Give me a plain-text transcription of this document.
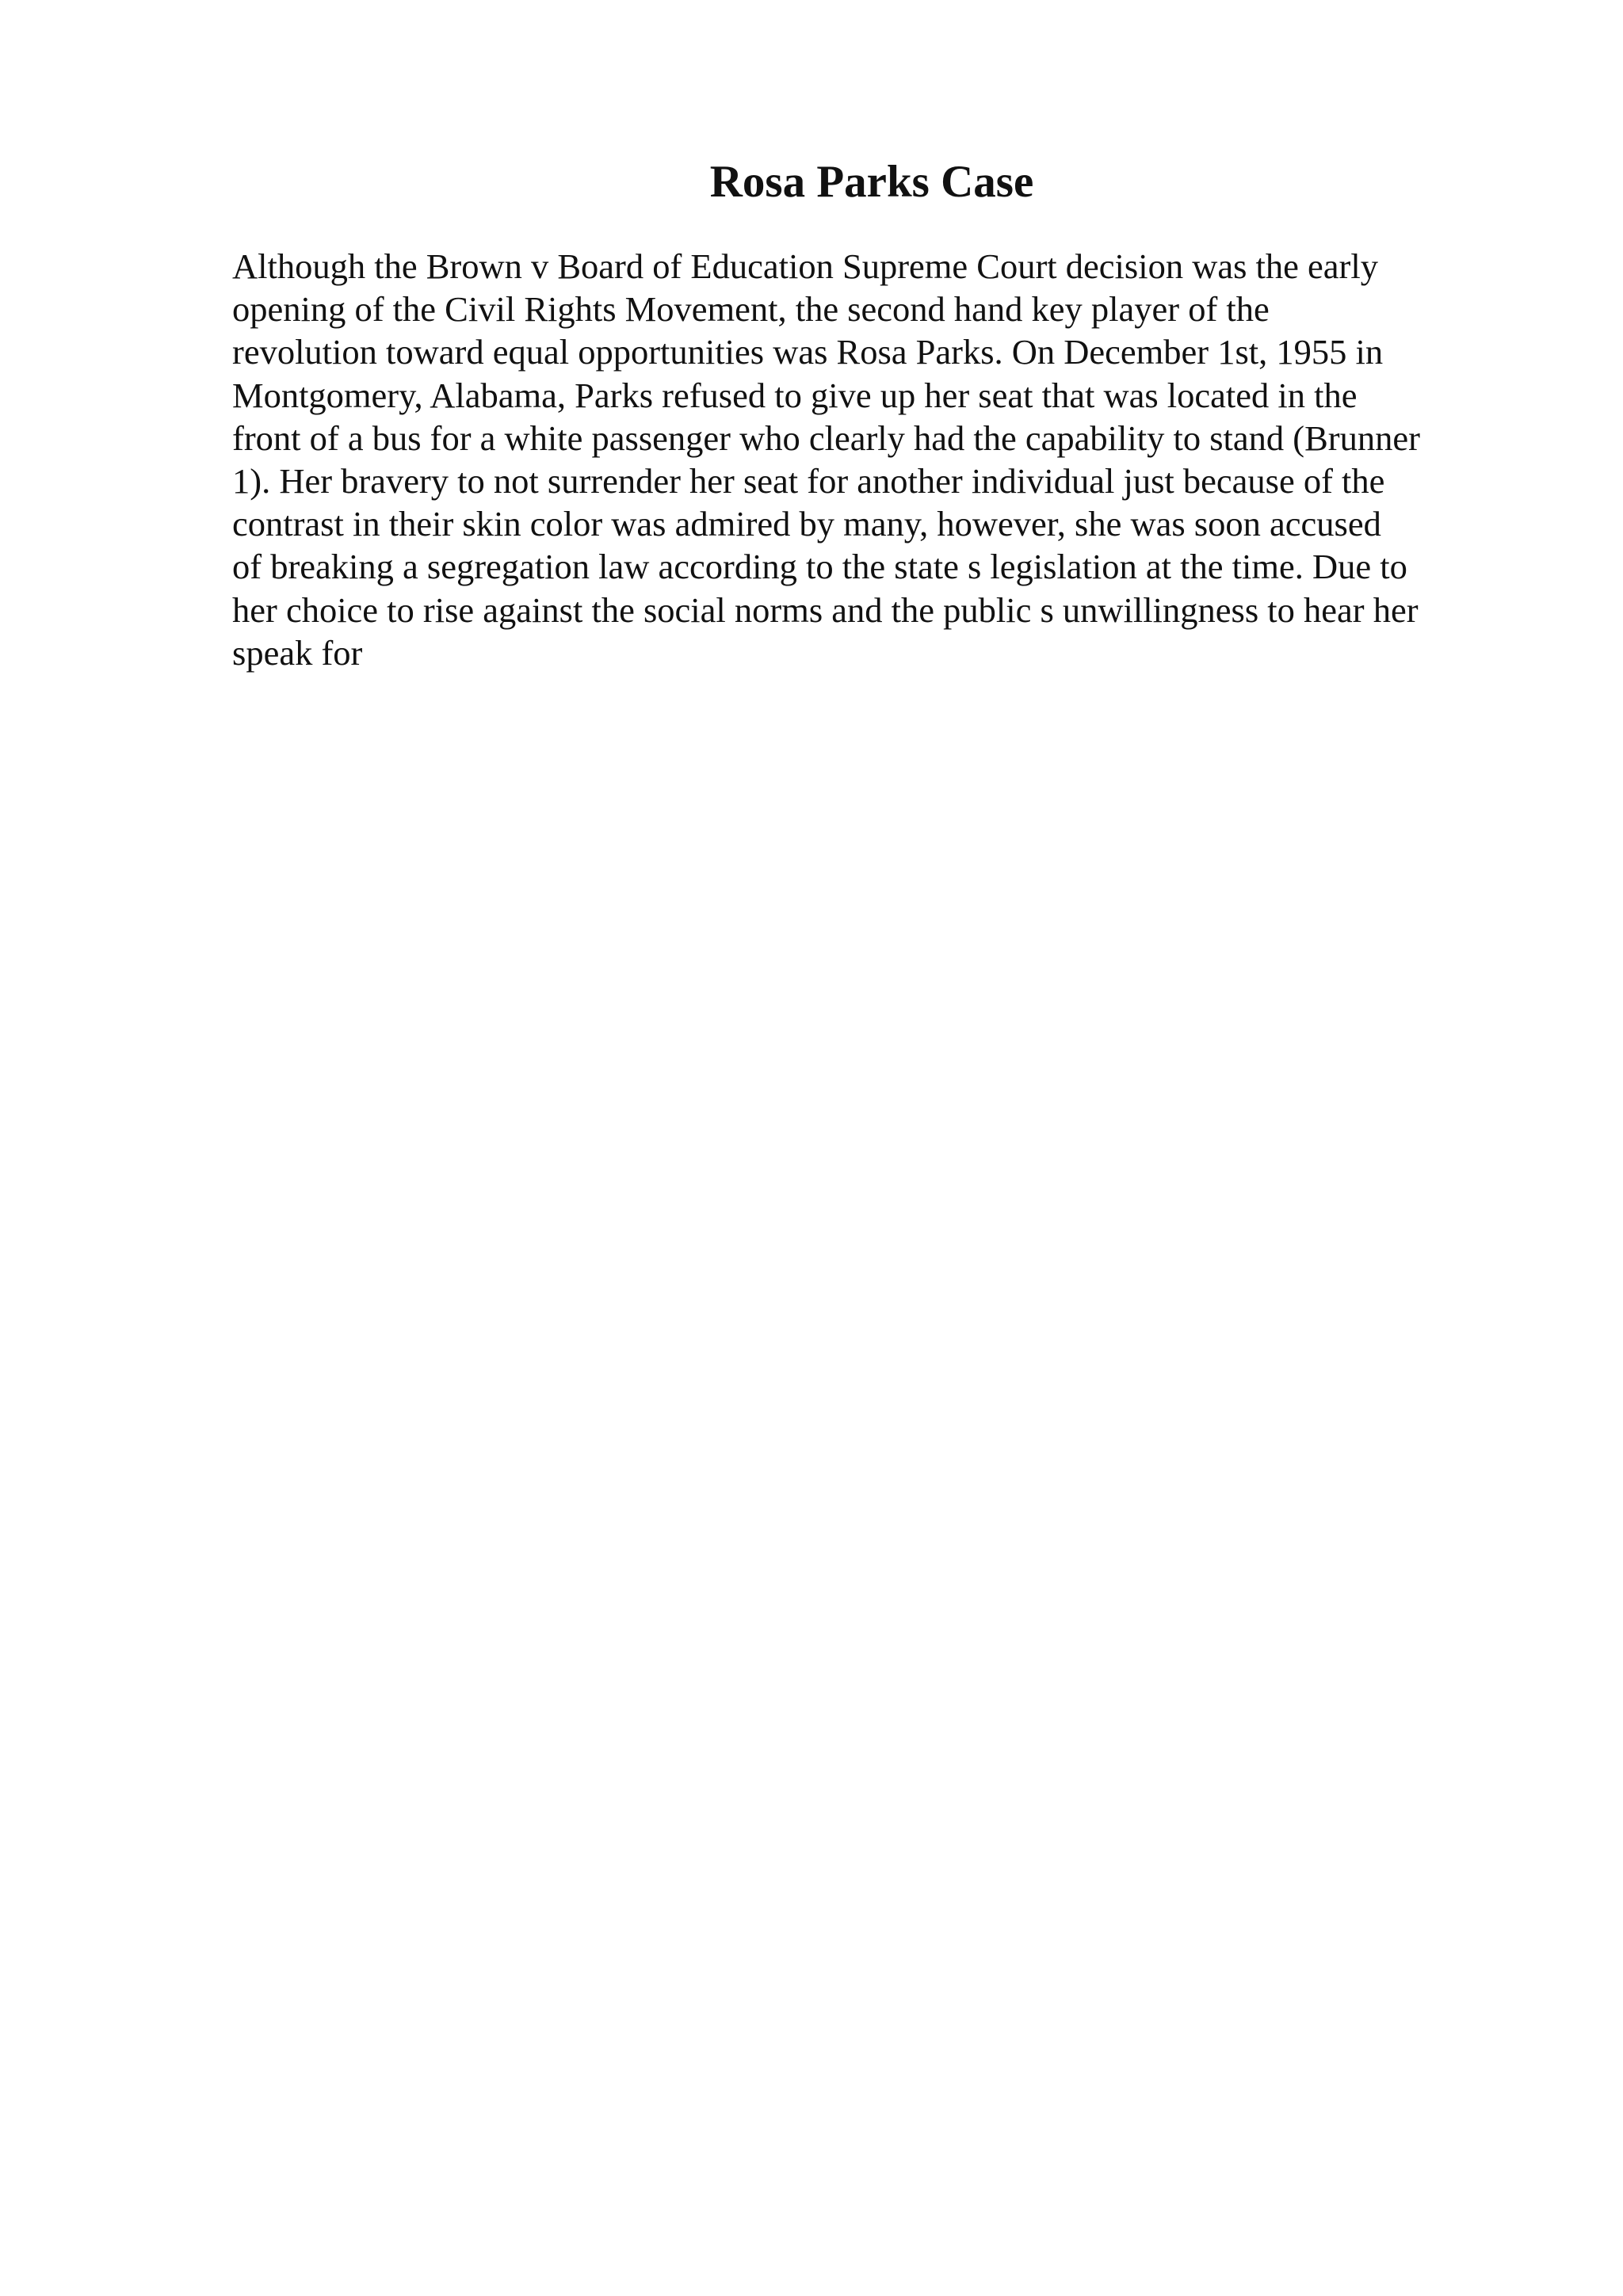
Rosa Parks Case
Although the Brown v Board of Education Supreme Court decision was the early
opening of the Civil Rights Movement, the second hand key player of the
revolution toward equal opportunities was Rosa Parks. On December 1st, 1955 in
Montgomery, Alabama, Parks refused to give up her seat that was located in the
front of a bus for a white passenger who clearly had the capability to stand (Brunner
1). Her bravery to not surrender her seat for another individual just because of the
contrast in their skin color was admired by many, however, she was soon accused
of breaking a segregation law according to the state s legislation at the time. Due to
her choice to rise against the social norms and the public s unwillingness to hear her
speak for
